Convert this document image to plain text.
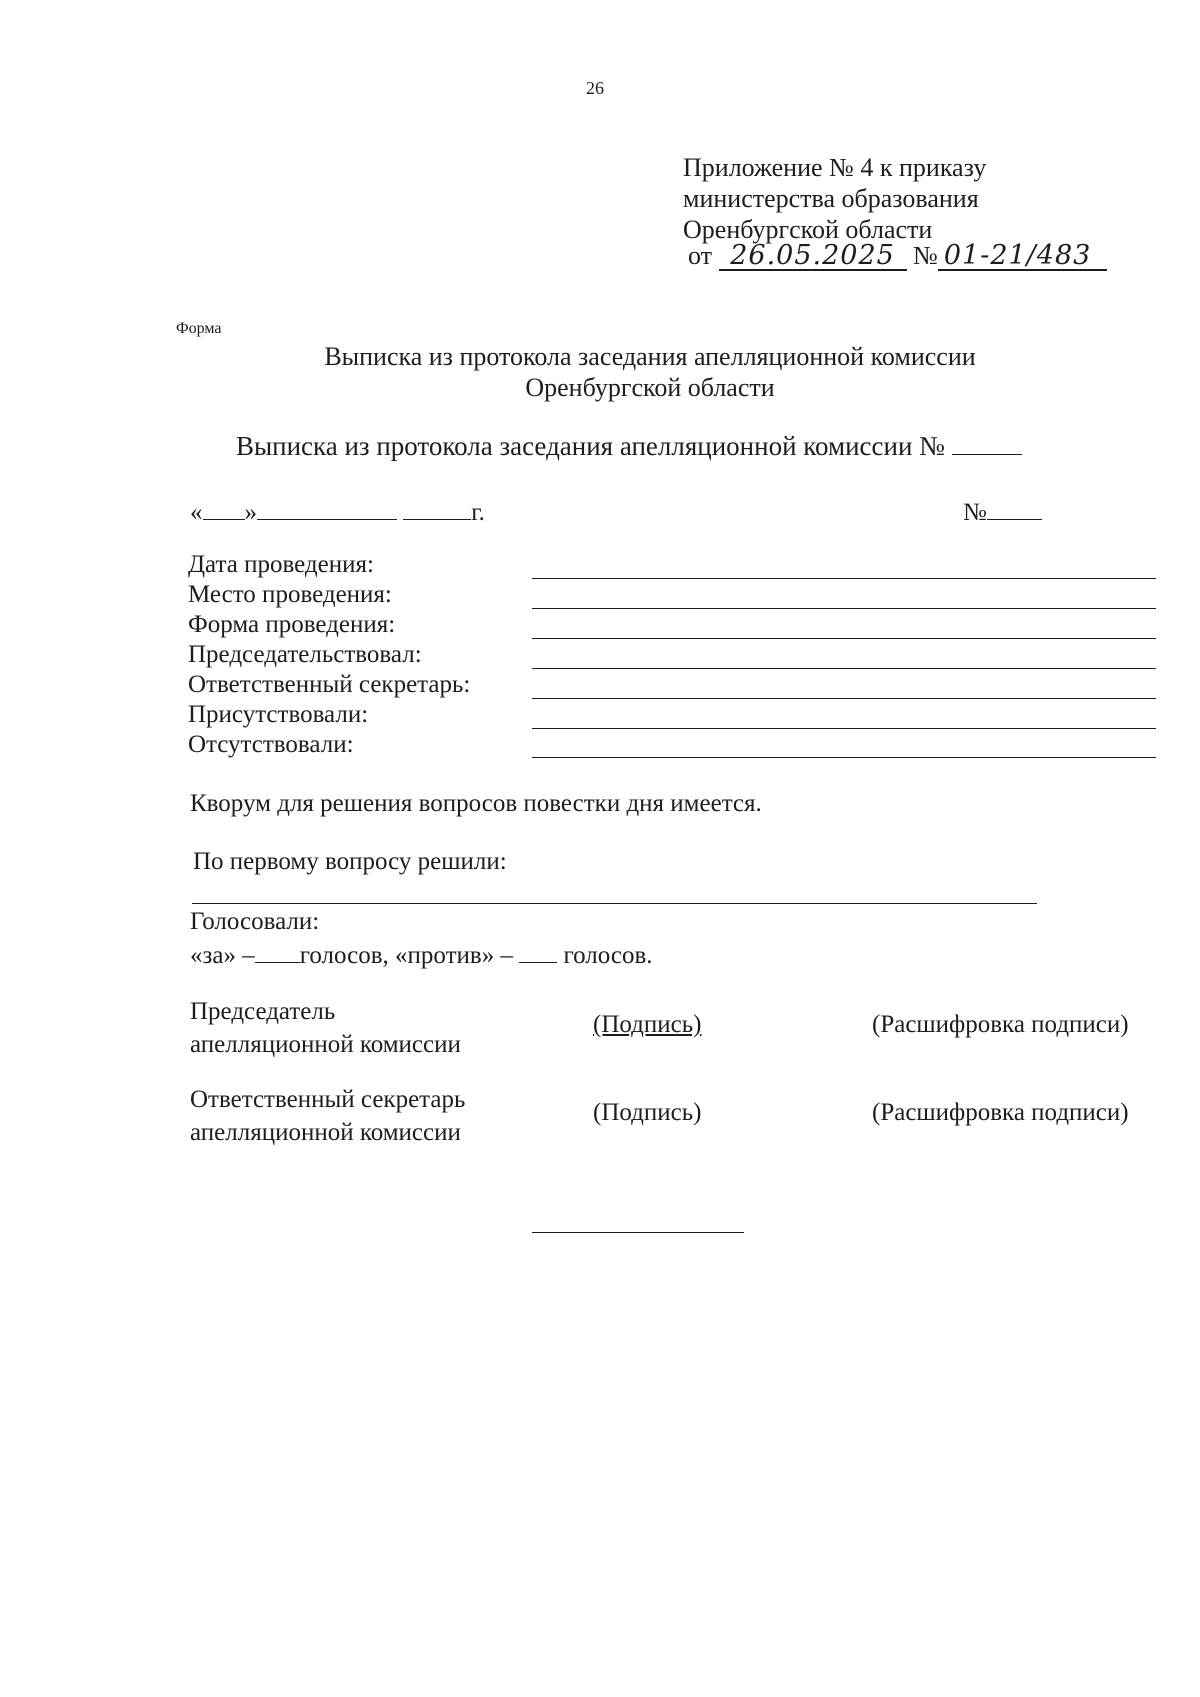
26
Приложение № 4 к приказу
министерства образования
Оренбургской области
от 26.05.2025 № 01-21/483
Форма
Выписка из протокола заседания апелляционной комиссии
Оренбургской области
Выписка из протокола заседания апелляционной комиссии №
« »	г.	№
Дата проведения:
Место проведения:
Форма проведения:
Председательствовал:
Ответственный секретарь:
Присутствовали:
Отсутствовали:
Кворум для решения вопросов повестки дня имеется.
По первому вопросу решили:
Голосовали:
«за» – голосов, «против» – голосов.
Председатель
апелляционной комиссии
(Подпись)	(Расшифровка подписи)
Ответственный секретарь
апелляционной комиссии
(Подпись)	(Расшифровка подписи)
